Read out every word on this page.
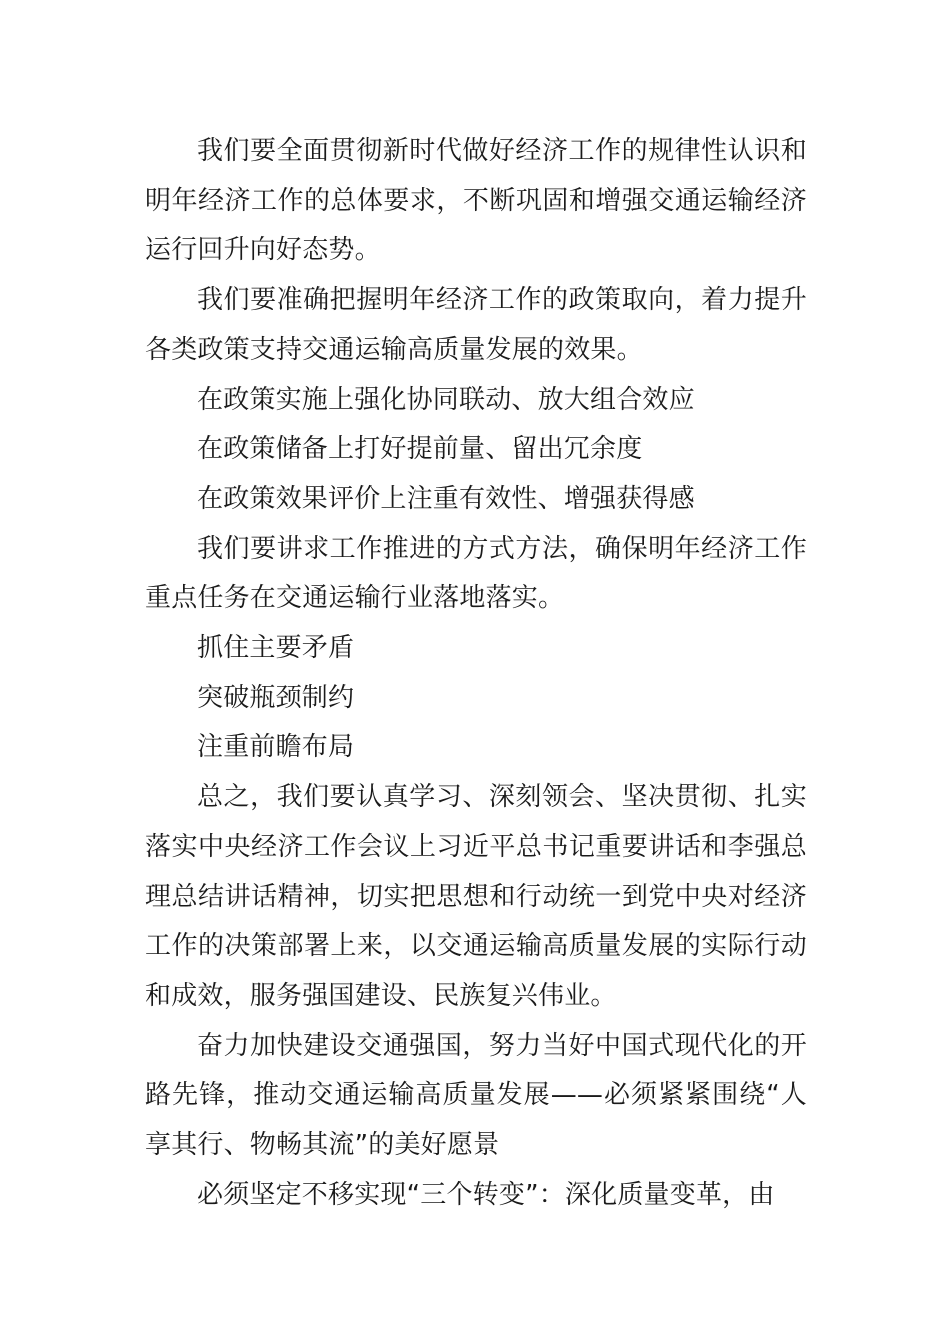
我们要全面贯彻新时代做好经济工作的规律性认识和明年经济工作的总体要求，不断巩固和增强交通运输经济运行回升向好态势。

我们要准确把握明年经济工作的政策取向，着力提升各类政策支持交通运输高质量发展的效果。

在政策实施上强化协同联动、放大组合效应

在政策储备上打好提前量、留出冗余度

在政策效果评价上注重有效性、增强获得感

我们要讲求工作推进的方式方法，确保明年经济工作重点任务在交通运输行业落地落实。

抓住主要矛盾

突破瓶颈制约

注重前瞻布局

总之，我们要认真学习、深刻领会、坚决贯彻、扎实落实中央经济工作会议上习近平总书记重要讲话和李强总理总结讲话精神，切实把思想和行动统一到党中央对经济工作的决策部署上来，以交通运输高质量发展的实际行动和成效，服务强国建设、民族复兴伟业。

奋力加快建设交通强国，努力当好中国式现代化的开路先锋，推动交通运输高质量发展——必须紧紧围绕“人享其行、物畅其流”的美好愿景

必须坚定不移实现“三个转变”：深化质量变革，由
